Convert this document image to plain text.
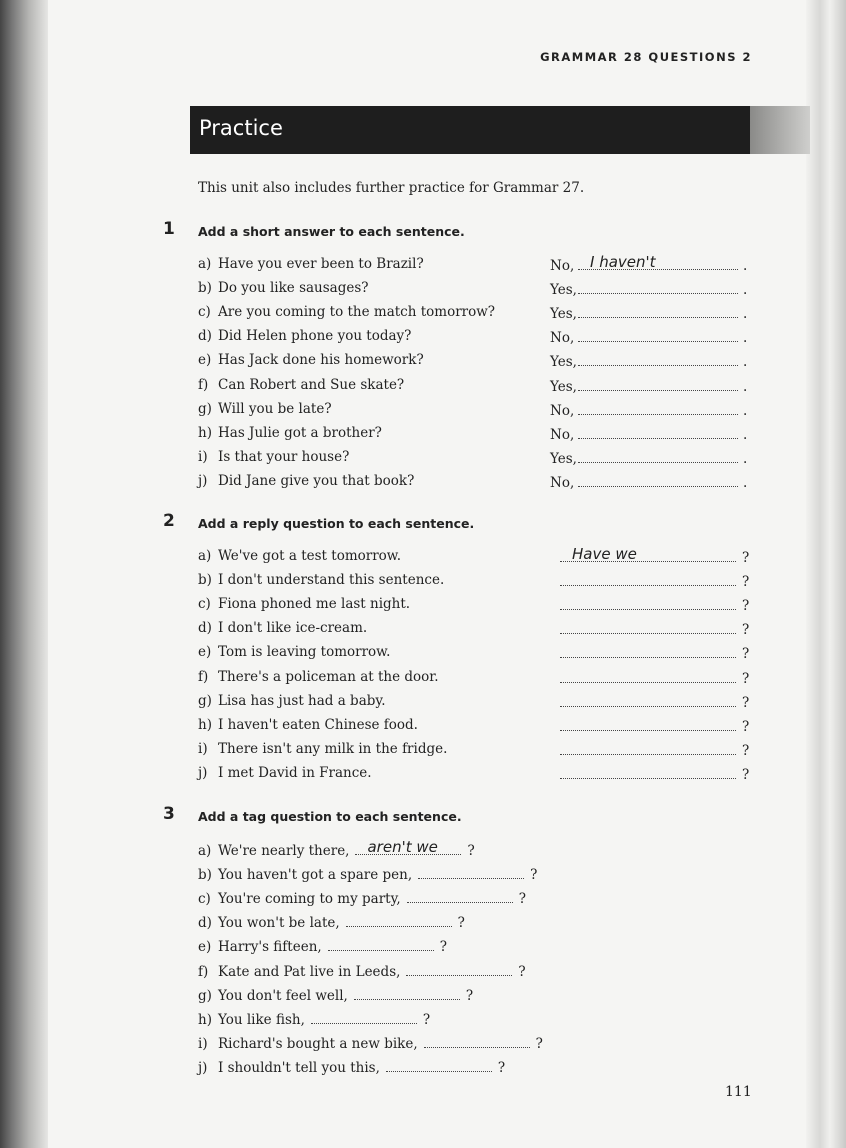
GRAMMAR 28 QUESTIONS 2
Practice
This unit also includes further practice for Grammar 27.
1 Add a short answer to each sentence.
a) Have you ever been to Brazil?	No, I haven't	.
b) Do you like sausages?	Yes,	.
c) Are you coming to the match tomorrow?	Yes,	.
d) Did Helen phone you today?	No,	.
e) Has Jack done his homework?	Yes,	.
f) Can Robert and Sue skate?	Yes,	.
g) Will you be late?	No,	.
h) Has Julie got a brother?	No,	.
i) Is that your house?	Yes,	.
j) Did Jane give you that book?	No,	.
2 Add a reply question to each sentence.
a) We've got a test tomorrow.	Have we	?
b) I don't understand this sentence.	?
c) Fiona phoned me last night.	?
d) I don't like ice-cream.	?
e) Tom is leaving tomorrow.	?
f) There's a policeman at the door.	?
g) Lisa has just had a baby.	?
h) I haven't eaten Chinese food.	?
i) There isn't any milk in the fridge.	?
j) I met David in France.	?
3 Add a tag question to each sentence.
a) We're nearly there, aren't we ?
b) You haven't got a spare pen,	?
c) You're coming to my party,	?
d) You won't be late,	?
e) Harry's fifteen,	?
f) Kate and Pat live in Leeds,	?
g) You don't feel well,	?
h) You like fish,	?
i) Richard's bought a new bike,	?
j) I shouldn't tell you this,	?
111
